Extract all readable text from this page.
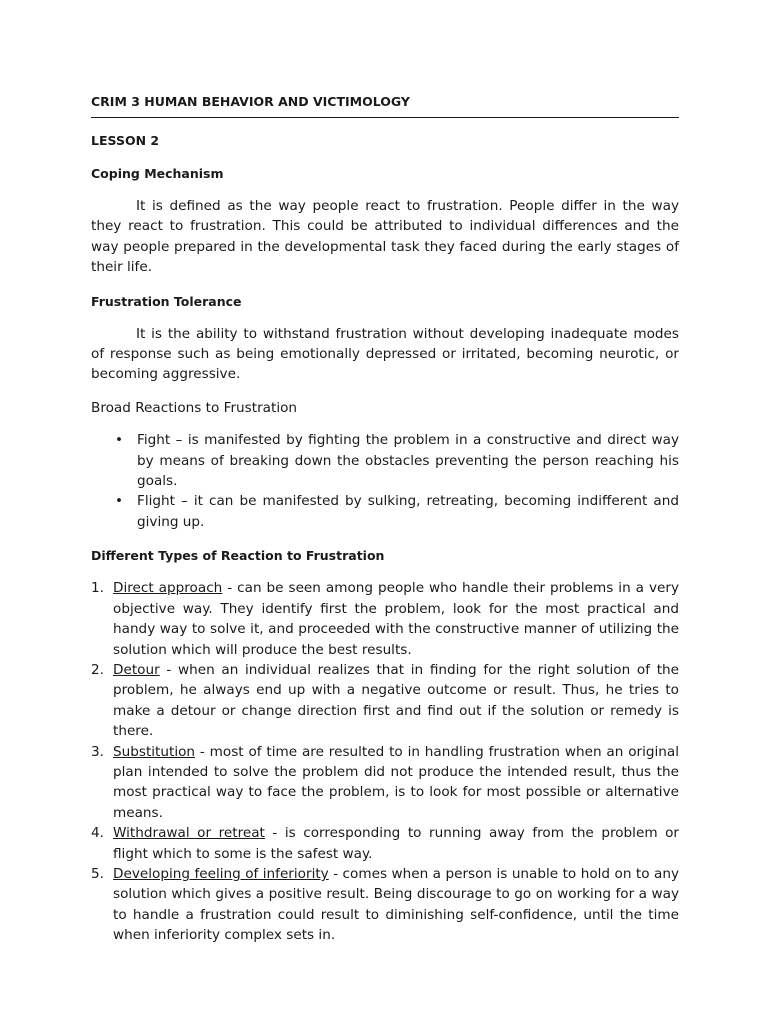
CRIM 3 HUMAN BEHAVIOR AND VICTIMOLOGY
LESSON 2
Coping Mechanism

It is defined as the way people react to frustration. People differ in the way they react to frustration. This could be attributed to individual differences and the way people prepared in the developmental task they faced during the early stages of their life.

Frustration Tolerance

It is the ability to withstand frustration without developing inadequate modes of response such as being emotionally depressed or irritated, becoming neurotic, or becoming aggressive.

Broad Reactions to Frustration

• Fight – is manifested by fighting the problem in a constructive and direct way by means of breaking down the obstacles preventing the person reaching his goals.
• Flight – it can be manifested by sulking, retreating, becoming indifferent and giving up.
Different Types of Reaction to Frustration
1. Direct approach - can be seen among people who handle their problems in a very objective way. They identify first the problem, look for the most practical and handy way to solve it, and proceeded with the constructive manner of utilizing the solution which will produce the best results.
2. Detour - when an individual realizes that in finding for the right solution of the problem, he always end up with a negative outcome or result. Thus, he tries to make a detour or change direction first and find out if the solution or remedy is there.
3. Substitution - most of time are resulted to in handling frustration when an original plan intended to solve the problem did not produce the intended result, thus the most practical way to face the problem, is to look for most possible or alternative means.
4. Withdrawal or retreat - is corresponding to running away from the problem or flight which to some is the safest way.
5. Developing feeling of inferiority - comes when a person is unable to hold on to any solution which gives a positive result. Being discourage to go on working for a way to handle a frustration could result to diminishing self-confidence, until the time when inferiority complex sets in.
